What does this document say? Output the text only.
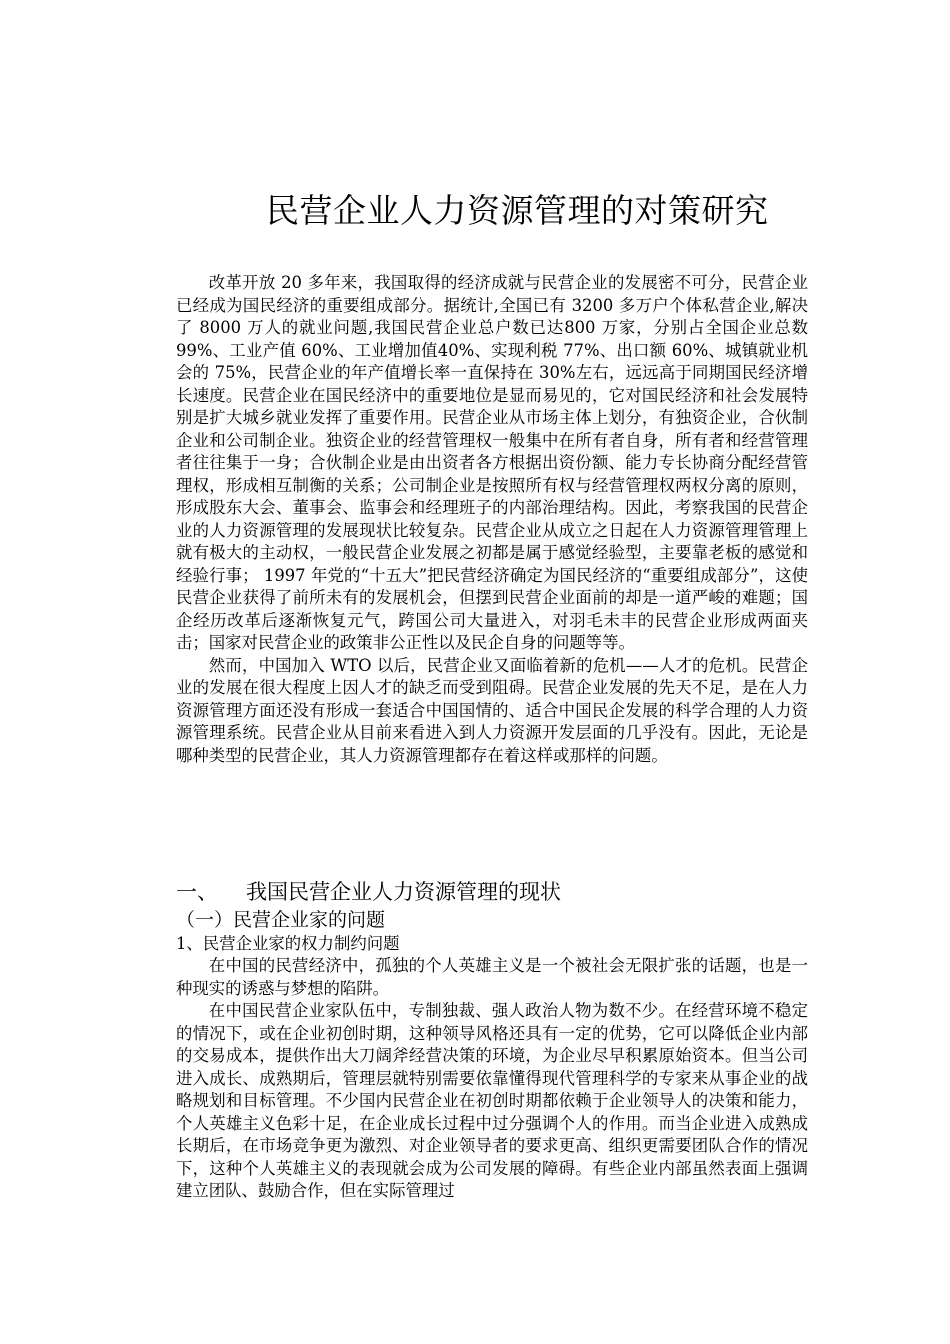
民营企业人力资源管理的对策研究

改革开放 20 多年来，我国取得的经济成就与民营企业的发展密不可分，民营企业已经成为国民经济的重要组成部分。据统计,全国已有 3200 多万户个体私营企业,解决了 8000 万人的就业问题,我国民营企业总户数已达800 万家，分别占全国企业总数 99%、工业产值 60%、工业增加值40%、实现利税 77%、出口额 60%、城镇就业机会的 75%，民营企业的年产值增长率一直保持在 30%左右，远远高于同期国民经济增长速度。民营企业在国民经济中的重要地位是显而易见的，它对国民经济和社会发展特别是扩大城乡就业发挥了重要作用。民营企业从市场主体上划分，有独资企业，合伙制企业和公司制企业。独资企业的经营管理权一般集中在所有者自身，所有者和经营管理者往往集于一身；合伙制企业是由出资者各方根据出资份额、能力专长协商分配经营管理权，形成相互制衡的关系；公司制企业是按照所有权与经营管理权两权分离的原则，形成股东大会、董事会、监事会和经理班子的内部治理结构。因此，考察我国的民营企业的人力资源管理的发展现状比较复杂。民营企业从成立之日起在人力资源管理管理上就有极大的主动权，一般民营企业发展之初都是属于感觉经验型，主要靠老板的感觉和经验行事； 1997 年党的“十五大”把民营经济确定为国民经济的“重要组成部分”，这使民营企业获得了前所未有的发展机会，但摆到民营企业面前的却是一道严峻的难题；国企经历改革后逐渐恢复元气，跨国公司大量进入，对羽毛未丰的民营企业形成两面夹击；国家对民营企业的政策非公正性以及民企自身的问题等等。

然而，中国加入 WTO 以后，民营企业又面临着新的危机——人才的危机。民营企业的发展在很大程度上因人才的缺乏而受到阻碍。民营企业发展的先天不足，是在人力资源管理方面还没有形成一套适合中国国情的、适合中国民企发展的科学合理的人力资源管理系统。民营企业从目前来看进入到人力资源开发层面的几乎没有。因此，无论是哪种类型的民营企业，其人力资源管理都存在着这样或那样的问题。

一、 我国民营企业人力资源管理的现状
（一）民营企业家的问题
1、民营企业家的权力制约问题

在中国的民营经济中，孤独的个人英雄主义是一个被社会无限扩张的话题，也是一种现实的诱惑与梦想的陷阱。

在中国民营企业家队伍中，专制独裁、强人政治人物为数不少。在经营环境不稳定的情况下，或在企业初创时期，这种领导风格还具有一定的优势，它可以降低企业内部的交易成本，提供作出大刀阔斧经营决策的环境，为企业尽早积累原始资本。但当公司进入成长、成熟期后，管理层就特别需要依靠懂得现代管理科学的专家来从事企业的战略规划和目标管理。不少国内民营企业在初创时期都依赖于企业领导人的决策和能力，个人英雄主义色彩十足，在企业成长过程中过分强调个人的作用。而当企业进入成熟成长期后，在市场竞争更为激烈、对企业领导者的要求更高、组织更需要团队合作的情况下，这种个人英雄主义的表现就会成为公司发展的障碍。有些企业内部虽然表面上强调建立团队、鼓励合作，但在实际管理过
